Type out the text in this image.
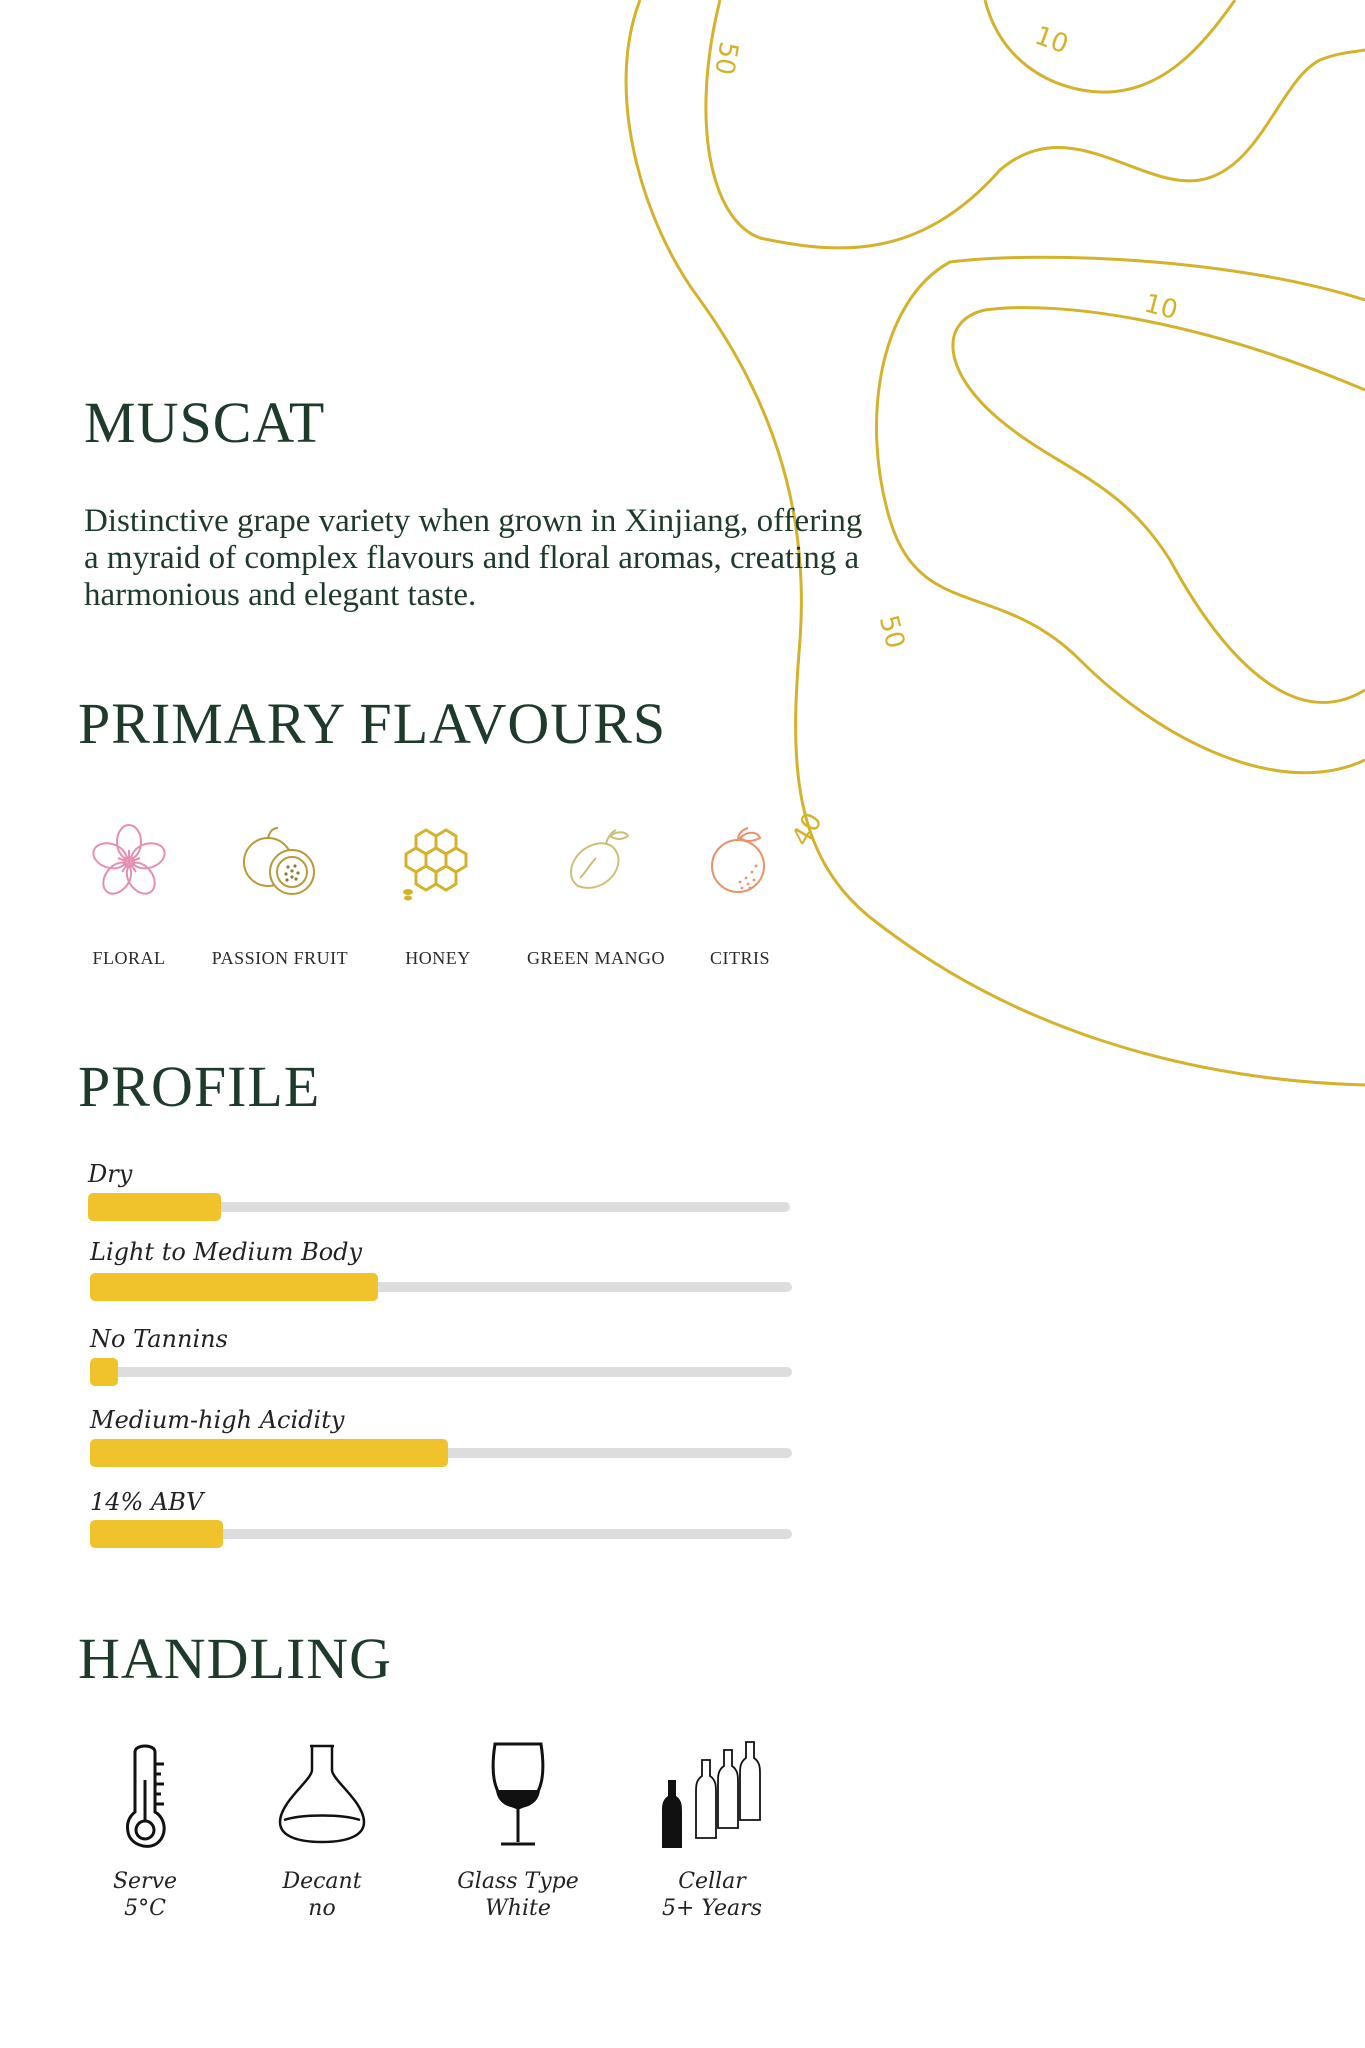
10
50
10
50
40
MUSCAT
Distinctive grape variety when grown in Xinjiang, offering a myraid of complex flavours and floral aromas, creating a harmonious and elegant taste.
PRIMARY FLAVOURS
FLORAL	PASSION FRUIT	HONEY	GREEN MANGO	CITRIS
PROFILE
Dry
Light to Medium Body
No Tannins
Medium-high Acidity
14% ABV
HANDLING
Serve
5°C
Decant
no
Glass Type
White
Cellar
5+ Years
